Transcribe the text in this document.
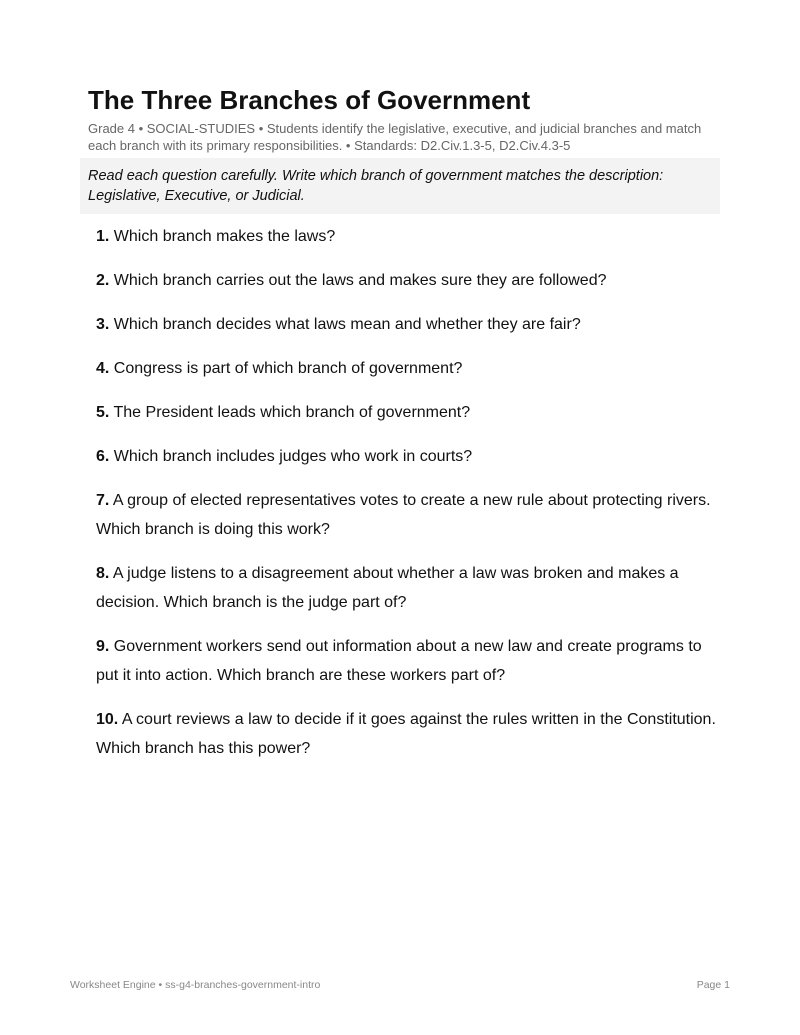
The Three Branches of Government

Grade 4 • SOCIAL-STUDIES • Students identify the legislative, executive, and judicial branches and match each branch with its primary responsibilities. • Standards: D2.Civ.1.3-5, D2.Civ.4.3-5

Read each question carefully. Write which branch of government matches the description: Legislative, Executive, or Judicial.
1. Which branch makes the laws?
2. Which branch carries out the laws and makes sure they are followed?
3. Which branch decides what laws mean and whether they are fair?
4. Congress is part of which branch of government?
5. The President leads which branch of government?
6. Which branch includes judges who work in courts?
7. A group of elected representatives votes to create a new rule about protecting rivers. Which branch is doing this work?
8. A judge listens to a disagreement about whether a law was broken and makes a decision. Which branch is the judge part of?
9. Government workers send out information about a new law and create programs to put it into action. Which branch are these workers part of?
10. A court reviews a law to decide if it goes against the rules written in the Constitution. Which branch has this power?
Worksheet Engine • ss-g4-branches-government-intro	Page 1
